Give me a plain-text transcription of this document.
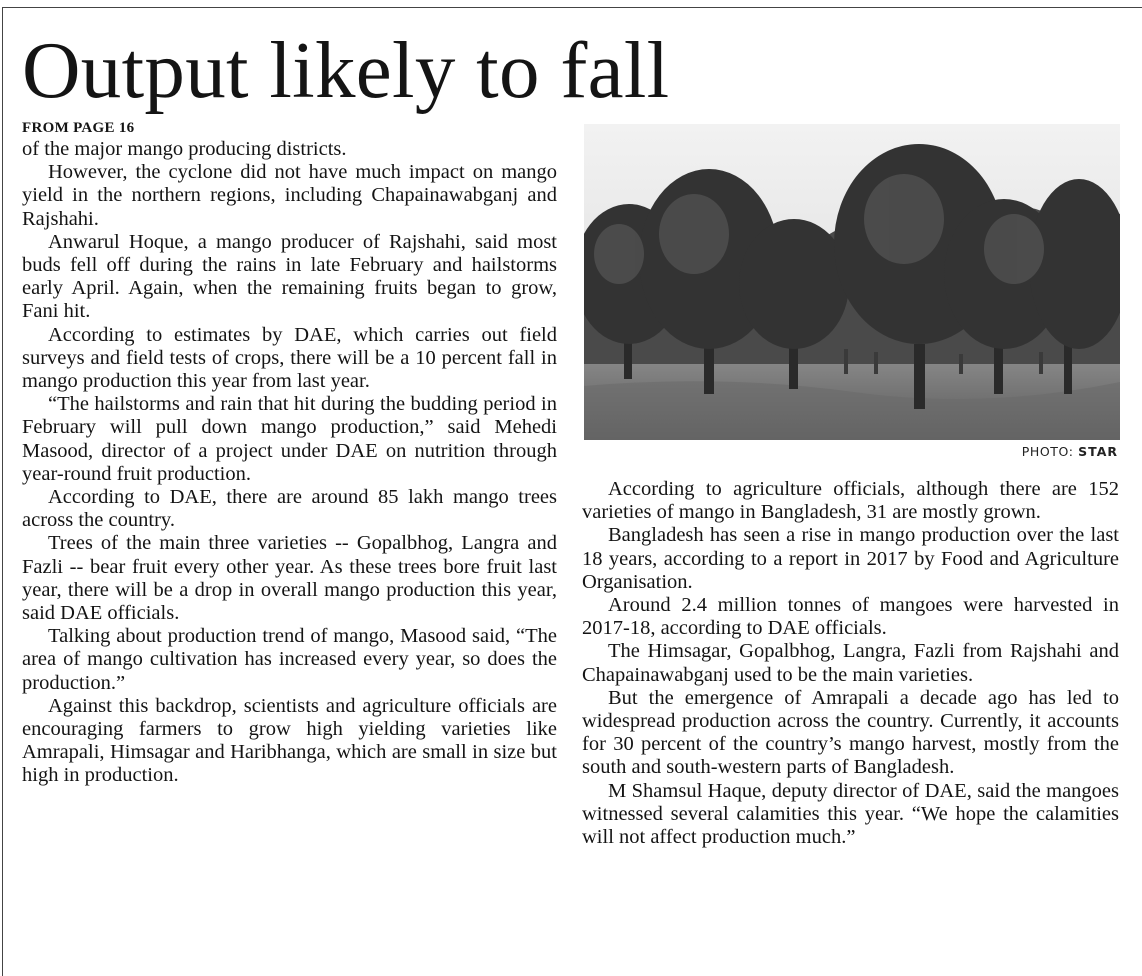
Output likely to fall
FROM PAGE 16

of the major mango producing districts.

However, the cyclone did not have much impact on mango yield in the northern regions, including Chapainawabganj and Rajshahi.

Anwarul Hoque, a mango producer of Rajshahi, said most buds fell off during the rains in late February and hailstorms early April. Again, when the remaining fruits began to grow, Fani hit.

According to estimates by DAE, which carries out field surveys and field tests of crops, there will be a 10 percent fall in mango production this year from last year.

“The hailstorms and rain that hit during the budding period in February will pull down mango production,” said Mehedi Masood, director of a project under DAE on nutrition through year-round fruit production.

According to DAE, there are around 85 lakh mango trees across the country.

Trees of the main three varieties -- Gopalbhog, Langra and Fazli -- bear fruit every other year. As these trees bore fruit last year, there will be a drop in overall mango production this year, said DAE officials.

Talking about production trend of mango, Masood said, “The area of mango cultivation has increased every year, so does the production.”

Against this backdrop, scientists and agriculture officials are encouraging farmers to grow high yielding varieties like Amrapali, Himsagar and Haribhanga, which are small in size but high in production.

PHOTO: STAR

According to agriculture officials, although there are 152 varieties of mango in Bangladesh, 31 are mostly grown.

Bangladesh has seen a rise in mango production over the last 18 years, according to a report in 2017 by Food and Agriculture Organisation.

Around 2.4 million tonnes of mangoes were harvested in 2017-18, according to DAE officials.

The Himsagar, Gopalbhog, Langra, Fazli from Rajshahi and Chapainawabganj used to be the main varieties.

But the emergence of Amrapali a decade ago has led to widespread production across the country. Currently, it accounts for 30 percent of the country’s mango harvest, mostly from the south and south-western parts of Bangladesh.

M Shamsul Haque, deputy director of DAE, said the mangoes witnessed several calamities this year. “We hope the calamities will not affect production much.”
